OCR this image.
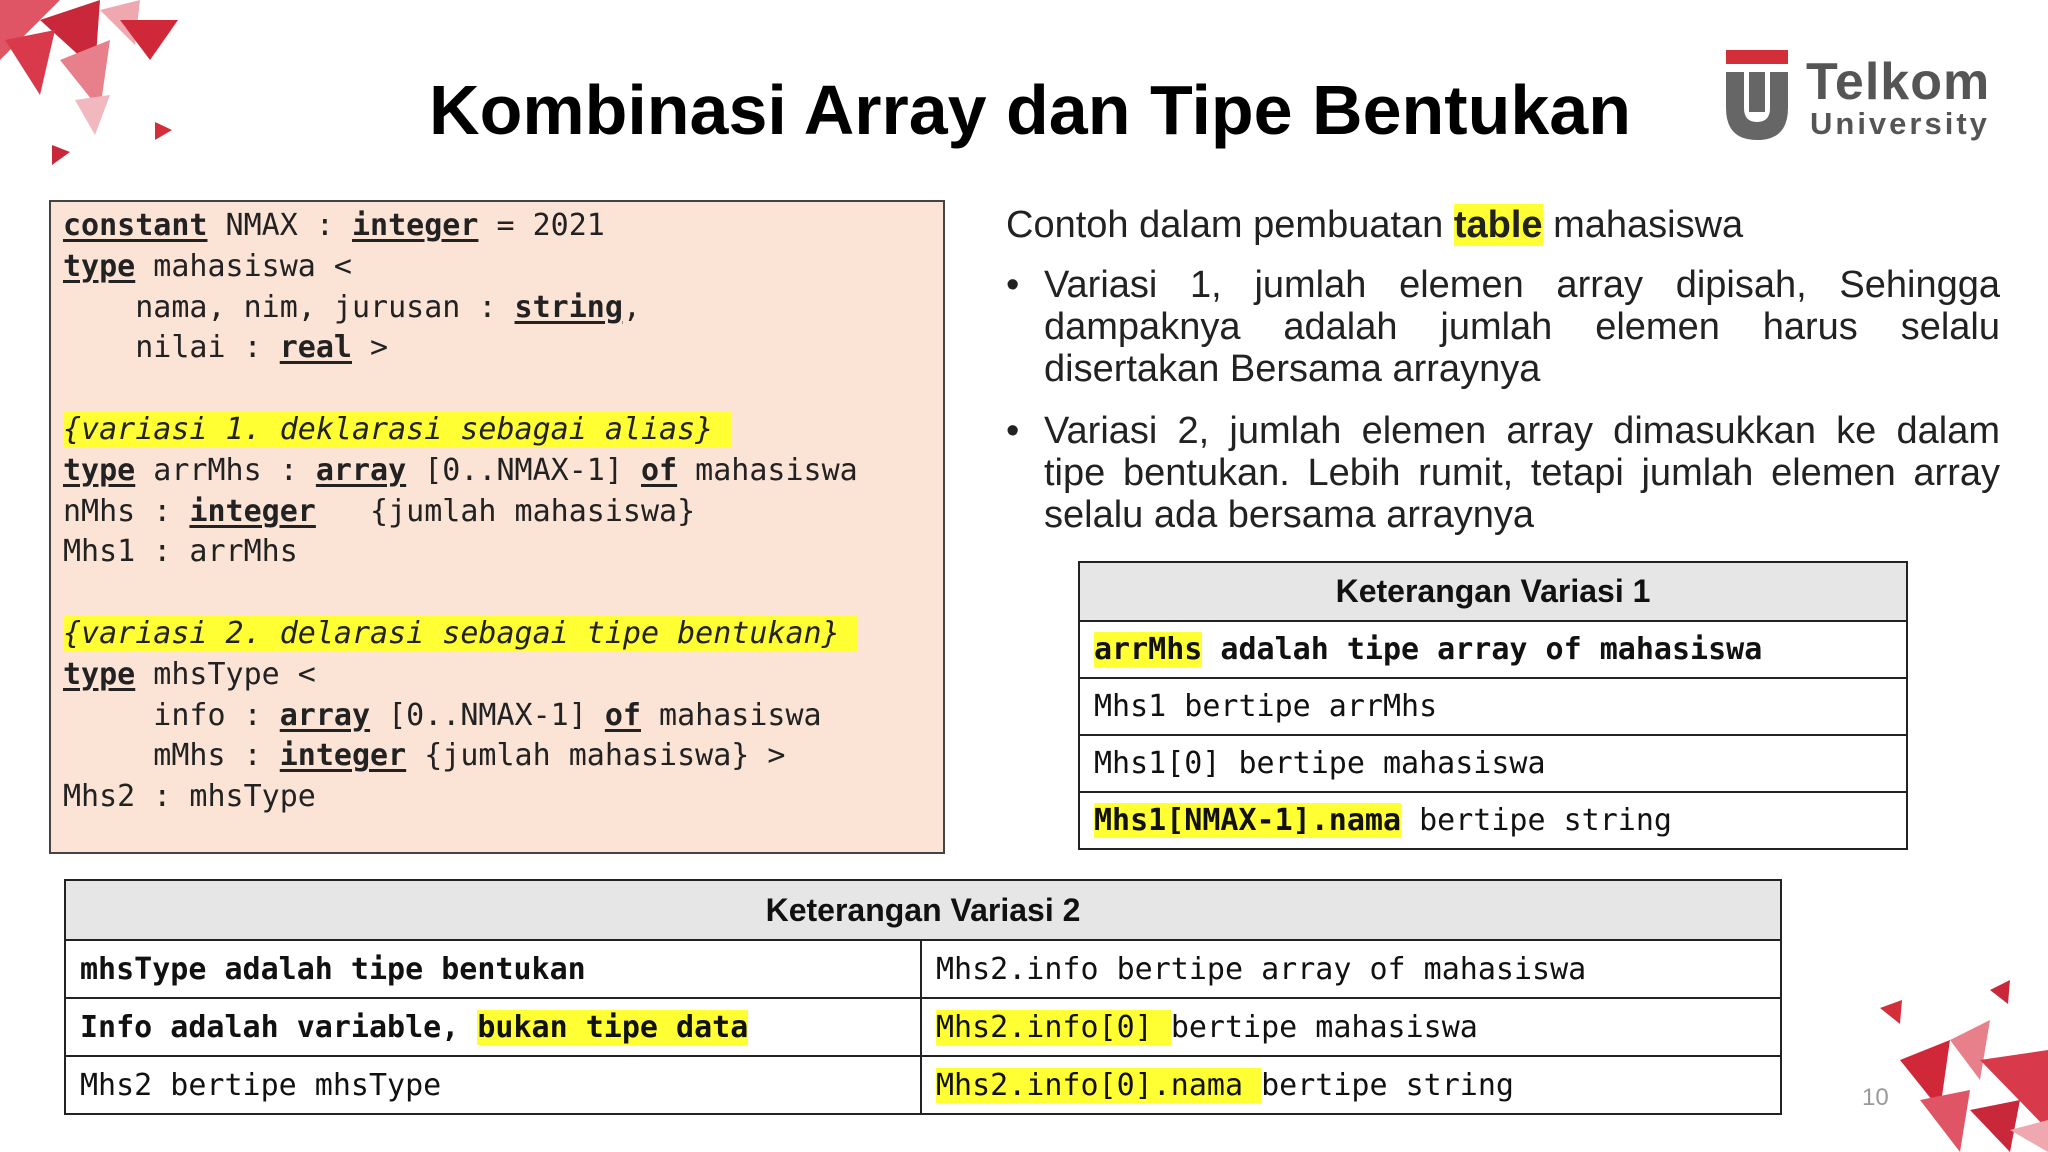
Kombinasi Array dan Tipe Bentukan	Telkom
University
constant NMAX : integer = 2021
type mahasiswa <
nama, nim, jurusan : string,
nilai : real >
{variasi 1. deklarasi sebagai alias}
type arrMhs : array [0..NMAX-1] of mahasiswa
nMhs : integer   {jumlah mahasiswa}
Mhs1 : arrMhs
{variasi 2. delarasi sebagai tipe bentukan}
type mhsType <
info : array [0..NMAX-1] of mahasiswa
mMhs : integer {jumlah mahasiswa} >
Mhs2 : mhsType

Contoh dalam pembuatan table mahasiswa

• Variasi 1, jumlah elemen array dipisah, Sehingga dampaknya adalah jumlah elemen harus selalu disertakan Bersama arraynya
• Variasi 2, jumlah elemen array dimasukkan ke dalam tipe bentukan. Lebih rumit, tetapi jumlah elemen array selalu ada bersama arraynya
Keterangan Variasi 1
arrMhs adalah tipe array of mahasiswa
Mhs1 bertipe arrMhs
Mhs1[0] bertipe mahasiswa
Mhs1[NMAX-1].nama bertipe string
Keterangan Variasi 2	
mhsType adalah tipe bentukan	Mhs2.info bertipe array of mahasiswa
Info adalah variable, bukan tipe data	Mhs2.info[0] bertipe mahasiswa
Mhs2 bertipe mhsType	Mhs2.info[0].nama bertipe string	10
